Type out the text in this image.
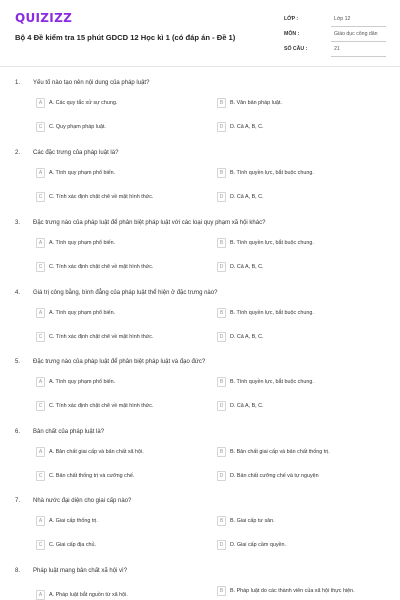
QUIZIZZ
Bộ 4 Đề kiểm tra 15 phút GDCD 12 Học kì 1 (có đáp án - Đề 1)
LỚP :	Lớp 12
MÔN :	Giáo dục công dân
SỐ CÂU :	21
1. Yếu tố nào tạo nên nội dung của pháp luật?
A	A. Các quy tắc xử sự chung.	B	B. Văn bản pháp luật.
C	C. Quy phạm pháp luật.	D	D. Cả A, B, C.
2. Các đặc trưng của pháp luật là?
A	A. Tính quy phạm phổ biến.	B	B. Tính quyền lực, bắt buộc chung.
C	C. Tính xác định chặt chẽ về mặt hình thức.	D	D. Cả A, B, C.
3. Đặc trưng nào của pháp luật để phân biệt pháp luật với các loại quy phạm xã hội khác?
A	A. Tính quy phạm phổ biến.	B	B. Tính quyền lực, bắt buộc chung.
C	C. Tính xác định chặt chẽ về mặt hình thức.	D	D. Cả A, B, C.
4. Giá trị công bằng, bình đẳng của pháp luật thể hiện ở đặc trưng nào?
A	A. Tính quy phạm phổ biến.	B	B. Tính quyền lực, bắt buộc chung.
C	C. Tính xác định chặt chẽ về mặt hình thức.	D	D. Cả A, B, C.
5. Đặc trưng nào của pháp luật để phân biệt pháp luật và đạo đức?
A	A. Tính quy phạm phổ biến.	B	B. Tính quyền lực, bắt buộc chung.
C	C. Tính xác định chặt chẽ về mặt hình thức.	D	D. Cả A, B, C.
6. Bản chất của pháp luật là?
A	A. Bản chất giai cấp và bản chất xã hội.	B	B. Bản chất giai cấp và bản chất thống trị.
C	C. Bản chất thống trị và cưỡng chế.	D	D. Bản chất cưỡng chế và tự nguyện
7. Nhà nước đại diện cho giai cấp nào?
A	A. Giai cấp thống trị.	B	B. Giai cấp tư sản.
C	C. Giai cấp địa chủ.	D	D. Giai cấp cầm quyền.
8. Pháp luật mang bản chất xã hội vì?
A	A. Pháp luật bắt nguồn từ xã hội.
B	B. Pháp luật do các thành viên của xã hội thực hiện.
